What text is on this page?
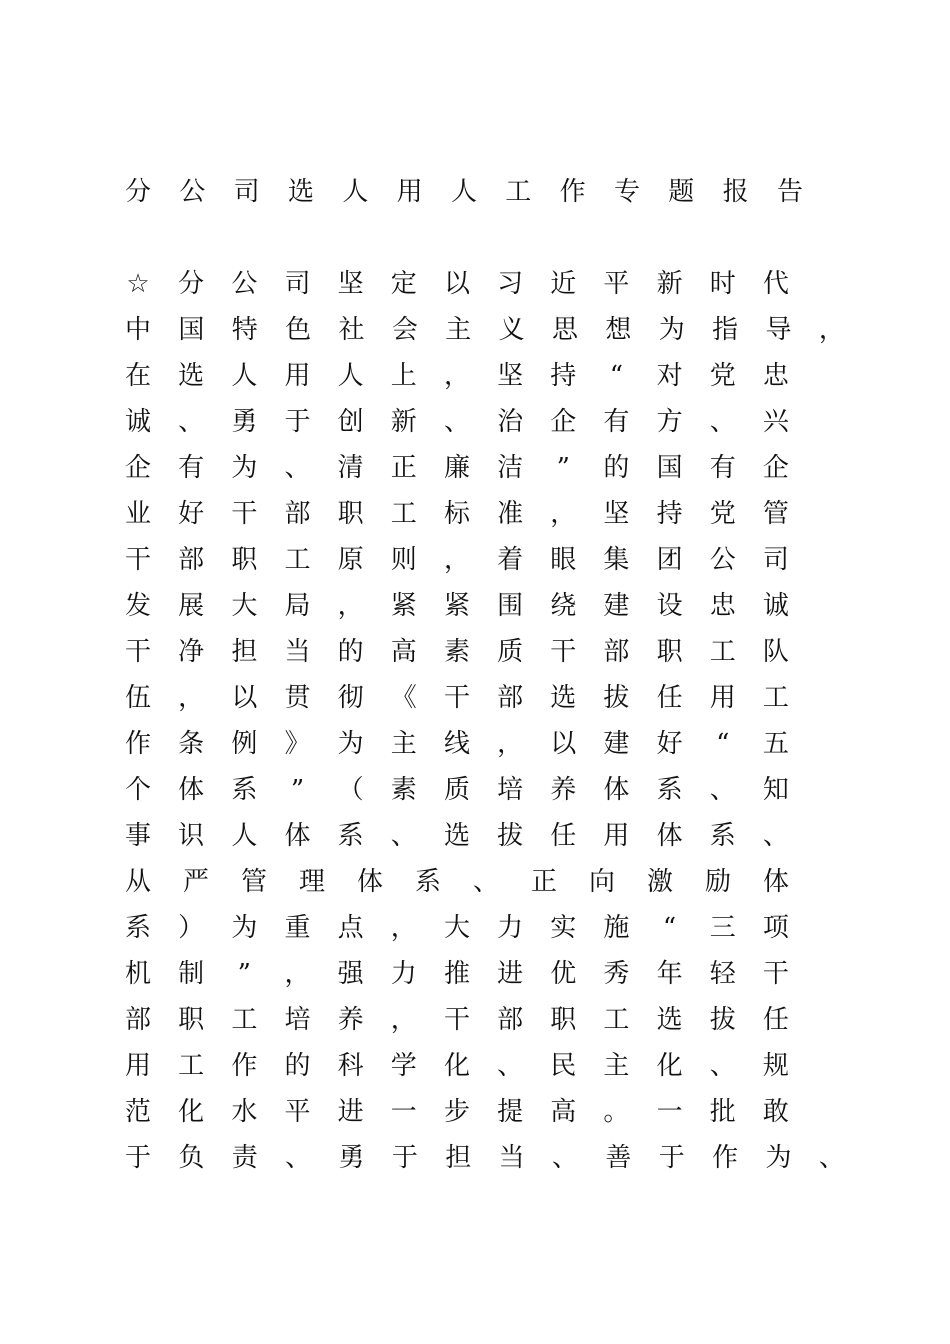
分 公 司 选 人 用 人 工 作 专 题 报 告
☆ 分 公 司 坚 定 以 习 近 平 新 时 代
中 国 特 色 社 会 主 义 思 想 为 指 导 ，
在 选 人 用 人 上 ， 坚 持 “ 对 党 忠
诚 、 勇 于 创 新 、 治 企 有 方 、 兴
企 有 为 、 清 正 廉 洁 ” 的 国 有 企
业 好 干 部 职 工 标 准 ， 坚 持 党 管
干 部 职 工 原 则 ， 着 眼 集 团 公 司
发 展 大 局 ， 紧 紧 围 绕 建 设 忠 诚
干 净 担 当 的 高 素 质 干 部 职 工 队
伍 ， 以 贯 彻 《 干 部 选 拔 任 用 工
作 条 例 》 为 主 线 ， 以 建 好 “ 五
个 体 系 ” （ 素 质 培 养 体 系 、 知
事 识 人 体 系 、 选 拔 任 用 体 系 、
从 严 管 理 体 系 、 正 向 激 励 体
系 ） 为 重 点 ， 大 力 实 施 “ 三 项
机 制 ” ， 强 力 推 进 优 秀 年 轻 干
部 职 工 培 养 ， 干 部 职 工 选 拔 任
用 工 作 的 科 学 化 、 民 主 化 、 规
范 化 水 平 进 一 步 提 高 。 一 批 敢
于 负 责 、 勇 于 担 当 、 善 于 作 为 、
